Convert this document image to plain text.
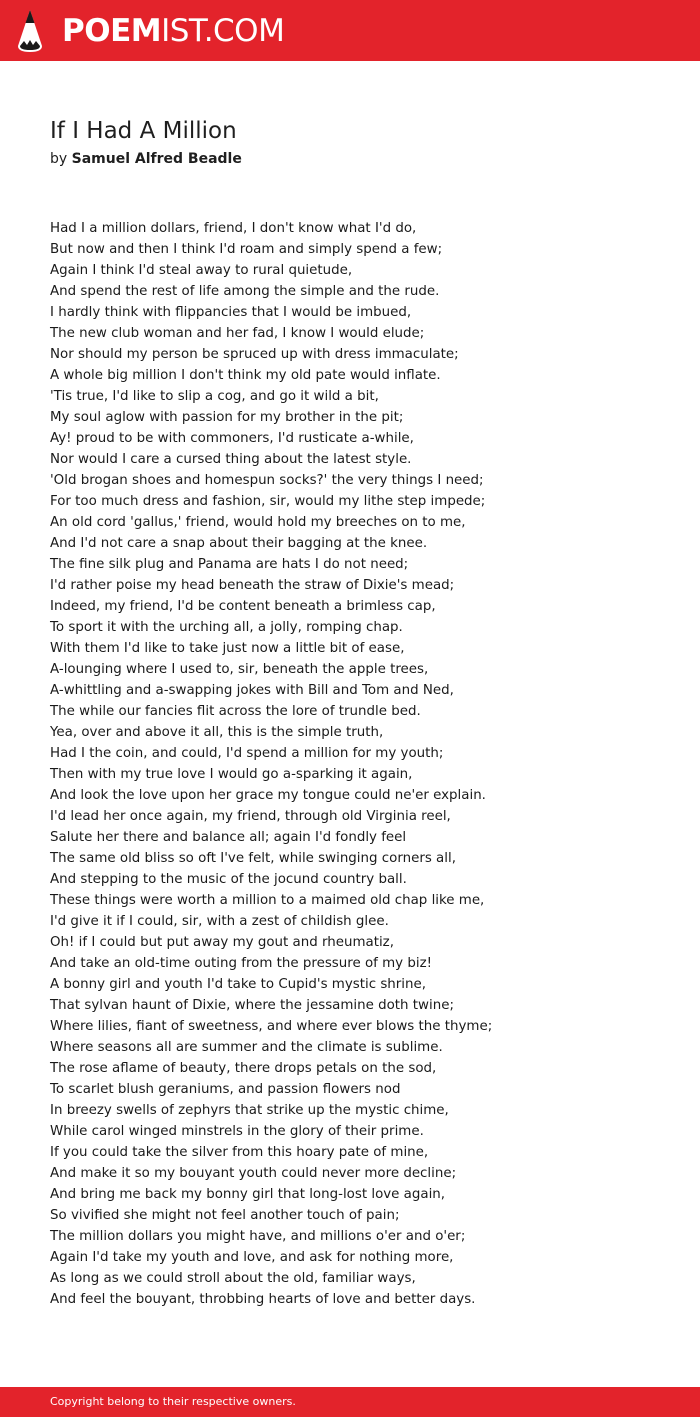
POEMIST.COM
If I Had A Million
by Samuel Alfred Beadle
Had I a million dollars, friend, I don't know what I'd do,
But now and then I think I'd roam and simply spend a few;
Again I think I'd steal away to rural quietude,
And spend the rest of life among the simple and the rude.
I hardly think with flippancies that I would be imbued,
The new club woman and her fad, I know I would elude;
Nor should my person be spruced up with dress immaculate;
A whole big million I don't think my old pate would inflate.
'Tis true, I'd like to slip a cog, and go it wild a bit,
My soul aglow with passion for my brother in the pit;
Ay! proud to be with commoners, I'd rusticate a-while,
Nor would I care a cursed thing about the latest style.
'Old brogan shoes and homespun socks?' the very things I need;
For too much dress and fashion, sir, would my lithe step impede;
An old cord 'gallus,' friend, would hold my breeches on to me,
And I'd not care a snap about their bagging at the knee.
The fine silk plug and Panama are hats I do not need;
I'd rather poise my head beneath the straw of Dixie's mead;
Indeed, my friend, I'd be content beneath a brimless cap,
To sport it with the urching all, a jolly, romping chap.
With them I'd like to take just now a little bit of ease,
A-lounging where I used to, sir, beneath the apple trees,
A-whittling and a-swapping jokes with Bill and Tom and Ned,
The while our fancies flit across the lore of trundle bed.
Yea, over and above it all, this is the simple truth,
Had I the coin, and could, I'd spend a million for my youth;
Then with my true love I would go a-sparking it again,
And look the love upon her grace my tongue could ne'er explain.
I'd lead her once again, my friend, through old Virginia reel,
Salute her there and balance all; again I'd fondly feel
The same old bliss so oft I've felt, while swinging corners all,
And stepping to the music of the jocund country ball.
These things were worth a million to a maimed old chap like me,
I'd give it if I could, sir, with a zest of childish glee.
Oh! if I could but put away my gout and rheumatiz,
And take an old-time outing from the pressure of my biz!
A bonny girl and youth I'd take to Cupid's mystic shrine,
That sylvan haunt of Dixie, where the jessamine doth twine;
Where lilies, fiant of sweetness, and where ever blows the thyme;
Where seasons all are summer and the climate is sublime.
The rose aflame of beauty, there drops petals on the sod,
To scarlet blush geraniums, and passion flowers nod
In breezy swells of zephyrs that strike up the mystic chime,
While carol winged minstrels in the glory of their prime.
If you could take the silver from this hoary pate of mine,
And make it so my bouyant youth could never more decline;
And bring me back my bonny girl that long-lost love again,
So vivified she might not feel another touch of pain;
The million dollars you might have, and millions o'er and o'er;
Again I'd take my youth and love, and ask for nothing more,
As long as we could stroll about the old, familiar ways,
And feel the bouyant, throbbing hearts of love and better days.
Copyright belong to their respective owners.
